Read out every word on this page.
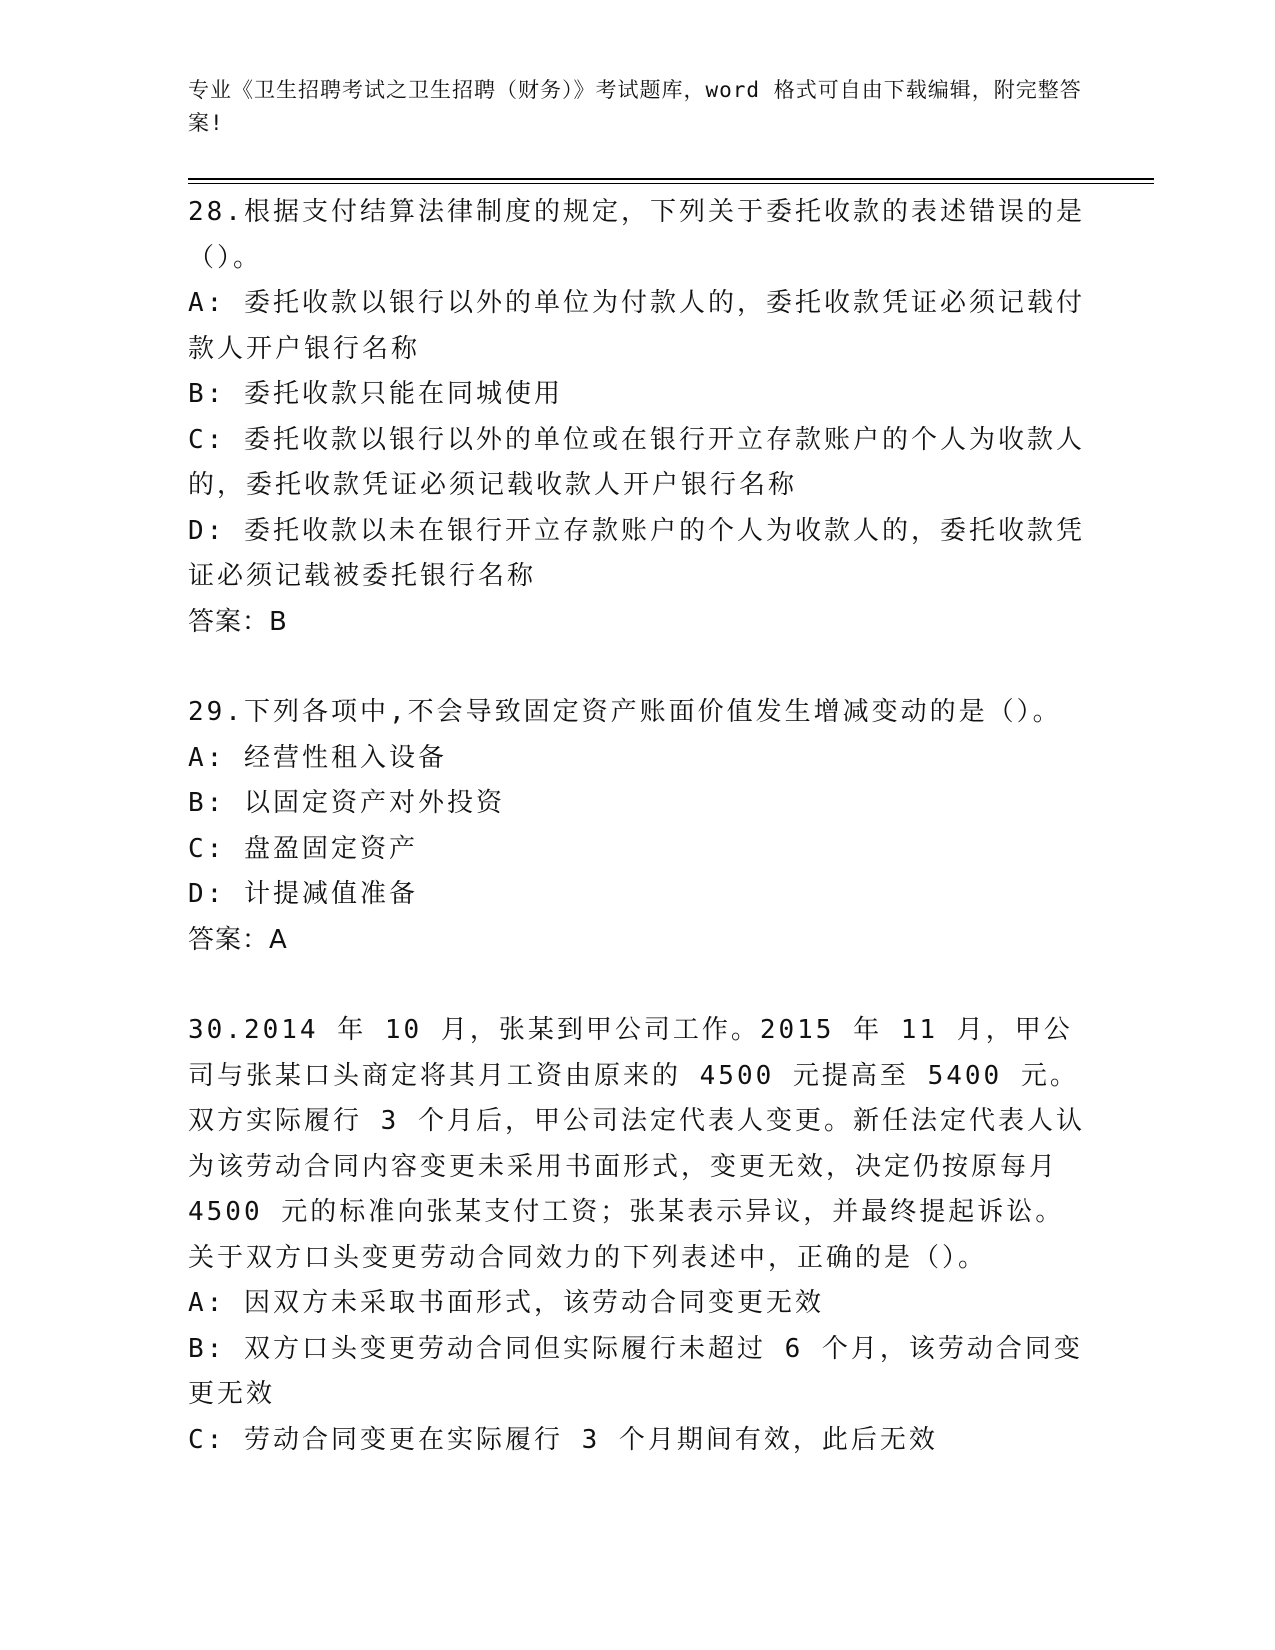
专业《卫生招聘考试之卫生招聘（财务）》考试题库，word 格式可自由下载编辑，附完整答案!
28.根据支付结算法律制度的规定，下列关于委托收款的表述错误的是（）。
A: 委托收款以银行以外的单位为付款人的，委托收款凭证必须记载付款人开户银行名称
B: 委托收款只能在同城使用
C: 委托收款以银行以外的单位或在银行开立存款账户的个人为收款人的，委托收款凭证必须记载收款人开户银行名称
D: 委托收款以未在银行开立存款账户的个人为收款人的，委托收款凭证必须记载被委托银行名称
答案：B
29.下列各项中,不会导致固定资产账面价值发生增减变动的是（）。
A: 经营性租入设备
B: 以固定资产对外投资
C: 盘盈固定资产
D: 计提减值准备
答案：A
30.2014 年 10 月，张某到甲公司工作。2015 年 11 月，甲公司与张某口头商定将其月工资由原来的 4500 元提高至 5400 元。双方实际履行 3 个月后，甲公司法定代表人变更。新任法定代表人认为该劳动合同内容变更未采用书面形式，变更无效，决定仍按原每月 4500 元的标准向张某支付工资；张某表示异议，并最终提起诉讼。关于双方口头变更劳动合同效力的下列表述中，正确的是（）。
A: 因双方未采取书面形式，该劳动合同变更无效
B: 双方口头变更劳动合同但实际履行未超过 6 个月，该劳动合同变更无效
C: 劳动合同变更在实际履行 3 个月期间有效，此后无效
